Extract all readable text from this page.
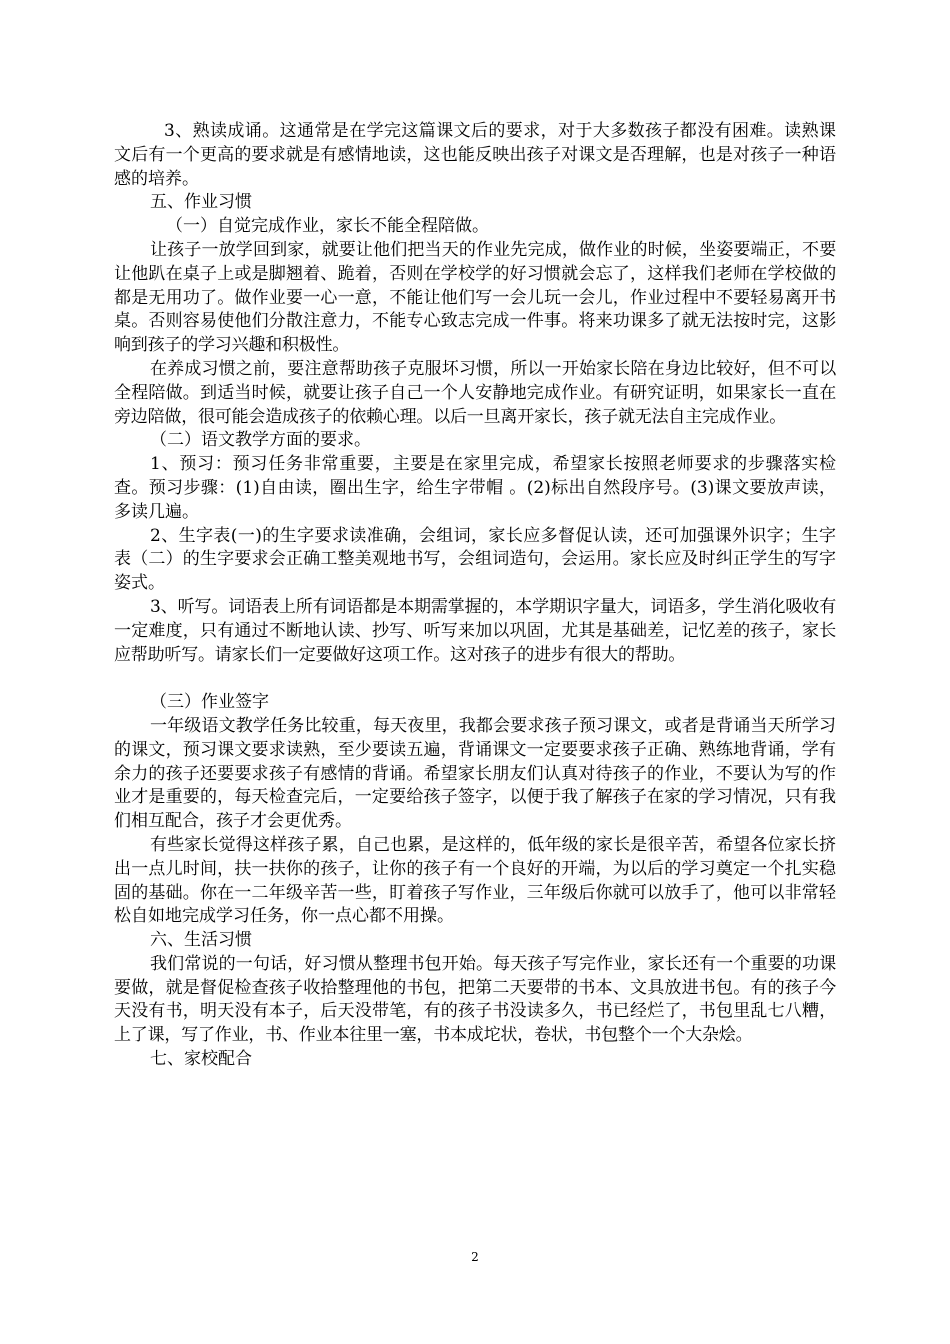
3、熟读成诵。这通常是在学完这篇课文后的要求，对于大多数孩子都没有困难。读熟课文后有一个更高的要求就是有感情地读，这也能反映出孩子对课文是否理解，也是对孩子一种语感的培养。

五、作业习惯

（一）自觉完成作业，家长不能全程陪做。

让孩子一放学回到家，就要让他们把当天的作业先完成，做作业的时候，坐姿要端正，不要让他趴在桌子上或是脚翘着、跪着，否则在学校学的好习惯就会忘了，这样我们老师在学校做的都是无用功了。做作业要一心一意，不能让他们写一会儿玩一会儿，作业过程中不要轻易离开书桌。否则容易使他们分散注意力，不能专心致志完成一件事。将来功课多了就无法按时完，这影响到孩子的学习兴趣和积极性。

在养成习惯之前，要注意帮助孩子克服坏习惯，所以一开始家长陪在身边比较好，但不可以全程陪做。到适当时候，就要让孩子自己一个人安静地完成作业。有研究证明，如果家长一直在旁边陪做，很可能会造成孩子的依赖心理。以后一旦离开家长，孩子就无法自主完成作业。

（二）语文教学方面的要求。

1、预习：预习任务非常重要，主要是在家里完成，希望家长按照老师要求的步骤落实检查。预习步骤：(1)自由读，圈出生字，给生字带帽 。(2)标出自然段序号。(3)课文要放声读，多读几遍。

2、生字表(一)的生字要求读准确，会组词，家长应多督促认读，还可加强课外识字；生字表（二）的生字要求会正确工整美观地书写，会组词造句，会运用。家长应及时纠正学生的写字姿式。

3、听写。词语表上所有词语都是本期需掌握的，本学期识字量大，词语多，学生消化吸收有一定难度，只有通过不断地认读、抄写、听写来加以巩固，尤其是基础差，记忆差的孩子，家长应帮助听写。请家长们一定要做好这项工作。这对孩子的进步有很大的帮助。

（三）作业签字

一年级语文教学任务比较重，每天夜里，我都会要求孩子预习课文，或者是背诵当天所学习的课文，预习课文要求读熟，至少要读五遍，背诵课文一定要要求孩子正确、熟练地背诵，学有余力的孩子还要要求孩子有感情的背诵。希望家长朋友们认真对待孩子的作业，不要认为写的作业才是重要的，每天检查完后，一定要给孩子签字，以便于我了解孩子在家的学习情况，只有我们相互配合，孩子才会更优秀。

有些家长觉得这样孩子累，自己也累，是这样的，低年级的家长是很辛苦，希望各位家长挤出一点儿时间，扶一扶你的孩子，让你的孩子有一个良好的开端，为以后的学习奠定一个扎实稳固的基础。你在一二年级辛苦一些，盯着孩子写作业，三年级后你就可以放手了，他可以非常轻松自如地完成学习任务，你一点心都不用操。

六、生活习惯

我们常说的一句话，好习惯从整理书包开始。每天孩子写完作业，家长还有一个重要的功课要做，就是督促检查孩子收拾整理他的书包，把第二天要带的书本、文具放进书包。有的孩子今天没有书，明天没有本子，后天没带笔，有的孩子书没读多久，书已经烂了，书包里乱七八糟，上了课，写了作业，书、作业本往里一塞，书本成坨状，卷状，书包整个一个大杂烩。

七、家校配合

2
